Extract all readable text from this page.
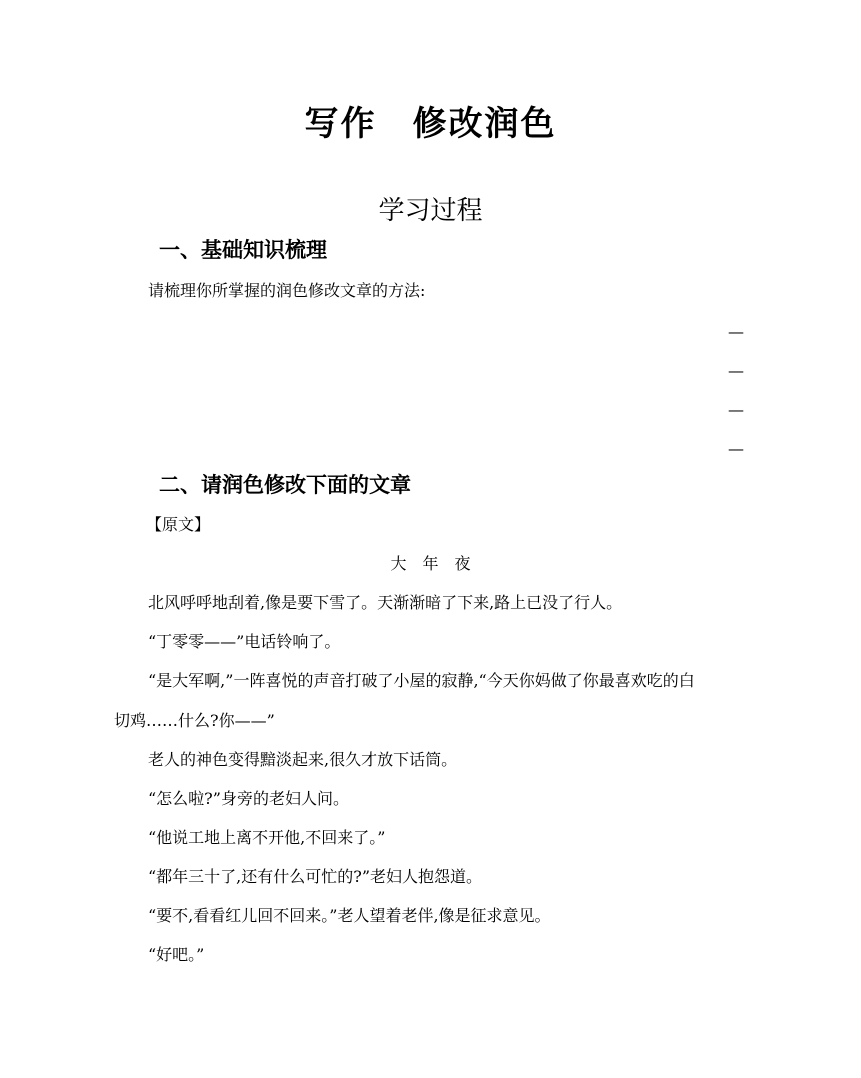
写作　修改润色
学习过程
一、基础知识梳理
请梳理你所掌握的润色修改文章的方法:
—
—
—
—
二、请润色修改下面的文章
【原文】
大　年　夜
北风呼呼地刮着,像是要下雪了。天渐渐暗了下来,路上已没了行人。
“丁零零——”电话铃响了。
“是大军啊,”一阵喜悦的声音打破了小屋的寂静,“今天你妈做了你最喜欢吃的白
切鸡……什么?你——”
老人的神色变得黯淡起来,很久才放下话筒。
“怎么啦?”身旁的老妇人问。
“他说工地上离不开他,不回来了。”
“都年三十了,还有什么可忙的?”老妇人抱怨道。
“要不,看看红儿回不回来。”老人望着老伴,像是征求意见。
“好吧。”
